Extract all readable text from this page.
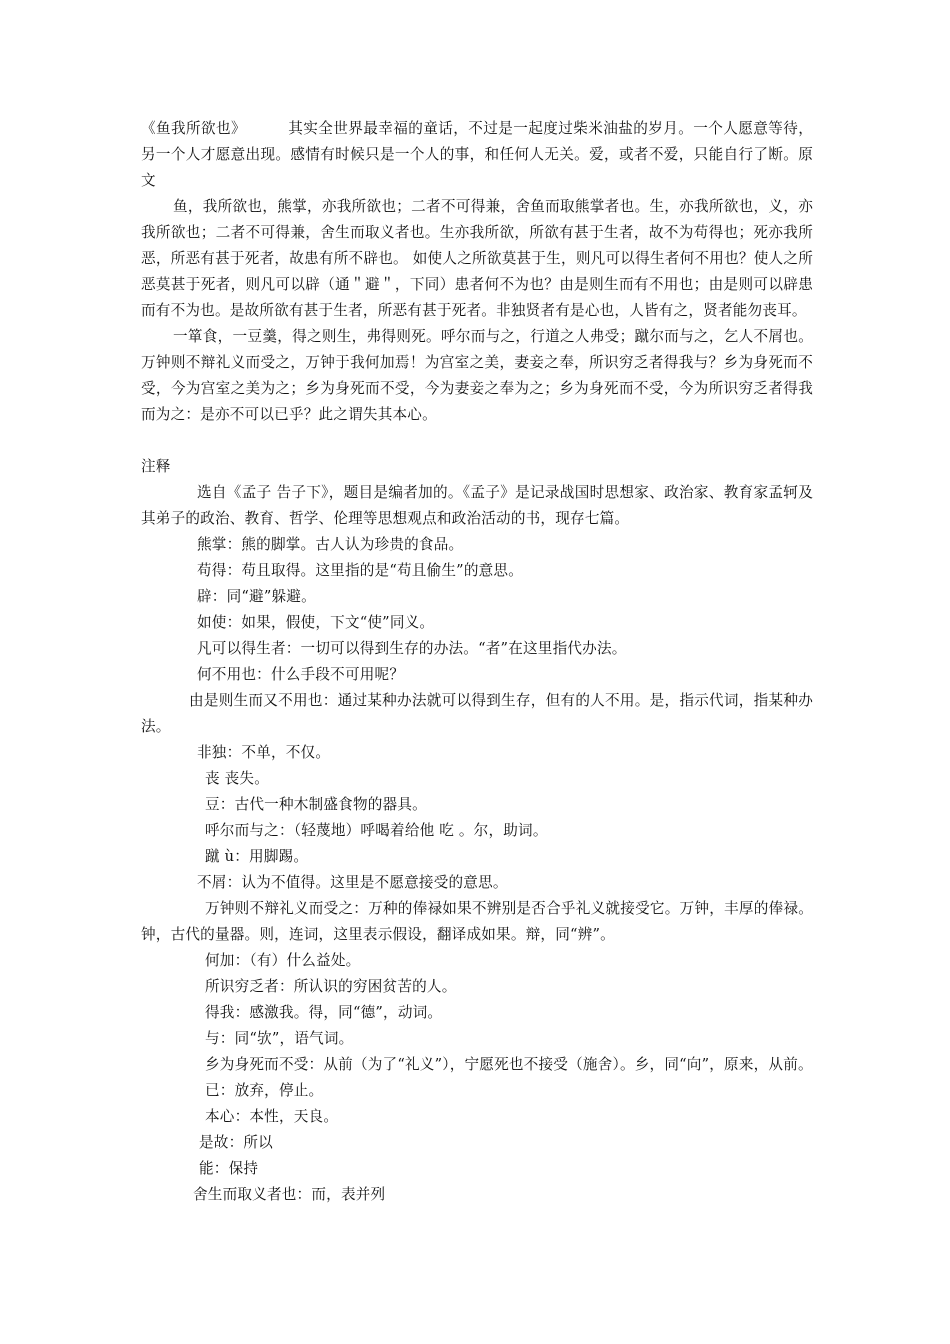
《鱼我所欲也》	其实全世界最幸福的童话，不过是一起度过柴米油盐的岁月。一个人愿意等待，另一个人才愿意出现。感情有时候只是一个人的事，和任何人无关。爱，或者不爱，只能自行了断。原文

鱼，我所欲也，熊掌，亦我所欲也；二者不可得兼，舍鱼而取熊掌者也。生，亦我所欲也，义，亦我所欲也；二者不可得兼，舍生而取义者也。生亦我所欲，所欲有甚于生者，故不为苟得也；死亦我所恶，所恶有甚于死者，故患有所不辟也。 如使人之所欲莫甚于生，则凡可以得生者何不用也？使人之所恶莫甚于死者，则凡可以辟（通＂避＂，下同）患者何不为也？由是则生而有不用也；由是则可以辟患而有不为也。是故所欲有甚于生者，所恶有甚于死者。非独贤者有是心也，人皆有之，贤者能勿丧耳。

一箪食，一豆羹，得之则生，弗得则死。呼尔而与之，行道之人弗受；蹴尔而与之，乞人不屑也。 万钟则不辩礼义而受之，万钟于我何加焉！为宫室之美，妻妾之奉，所识穷乏者得我与？乡为身死而不受，今为宫室之美为之；乡为身死而不受，今为妻妾之奉为之；乡为身死而不受，今为所识穷乏者得我而为之：是亦不可以已乎？此之谓失其本心。

注释

选自《孟子 告子下》，题目是编者加的。《孟子》是记录战国时思想家、政治家、教育家孟轲及其弟子的政治、教育、哲学、伦理等思想观点和政治活动的书，现存七篇。

熊掌：熊的脚掌。古人认为珍贵的食品。

苟得：苟且取得。这里指的是“苟且偷生”的意思。

辟：同“避”躲避。

如使：如果，假使，下文“使”同义。

凡可以得生者：一切可以得到生存的办法。“者”在这里指代办法。

何不用也：什么手段不可用呢？

由是则生而又不用也：通过某种办法就可以得到生存，但有的人不用。是，指示代词，指某种办法。

非独：不单，不仅。

丧 丧失。

豆：古代一种木制盛食物的器具。

呼尔而与之：（轻蔑地）呼喝着给他 吃 。尔，助词。

蹴 ù：用脚踢。

不屑：认为不值得。这里是不愿意接受的意思。

万钟则不辩礼义而受之：万种的俸禄如果不辨别是否合乎礼义就接受它。万钟，丰厚的俸禄。钟，古代的量器。则，连词，这里表示假设，翻译成如果。辩，同“辨”。

何加：（有）什么益处。

所识穷乏者：所认识的穷困贫苦的人。

得我：感激我。得，同“德”，动词。

与：同“欤”，语气词。

乡为身死而不受：从前（为了“礼义”），宁愿死也不接受（施舍）。乡，同“向”，原来，从前。

已：放弃，停止。

本心：本性，天良。

是故：所以

能：保持

舍生而取义者也：而，表并列
